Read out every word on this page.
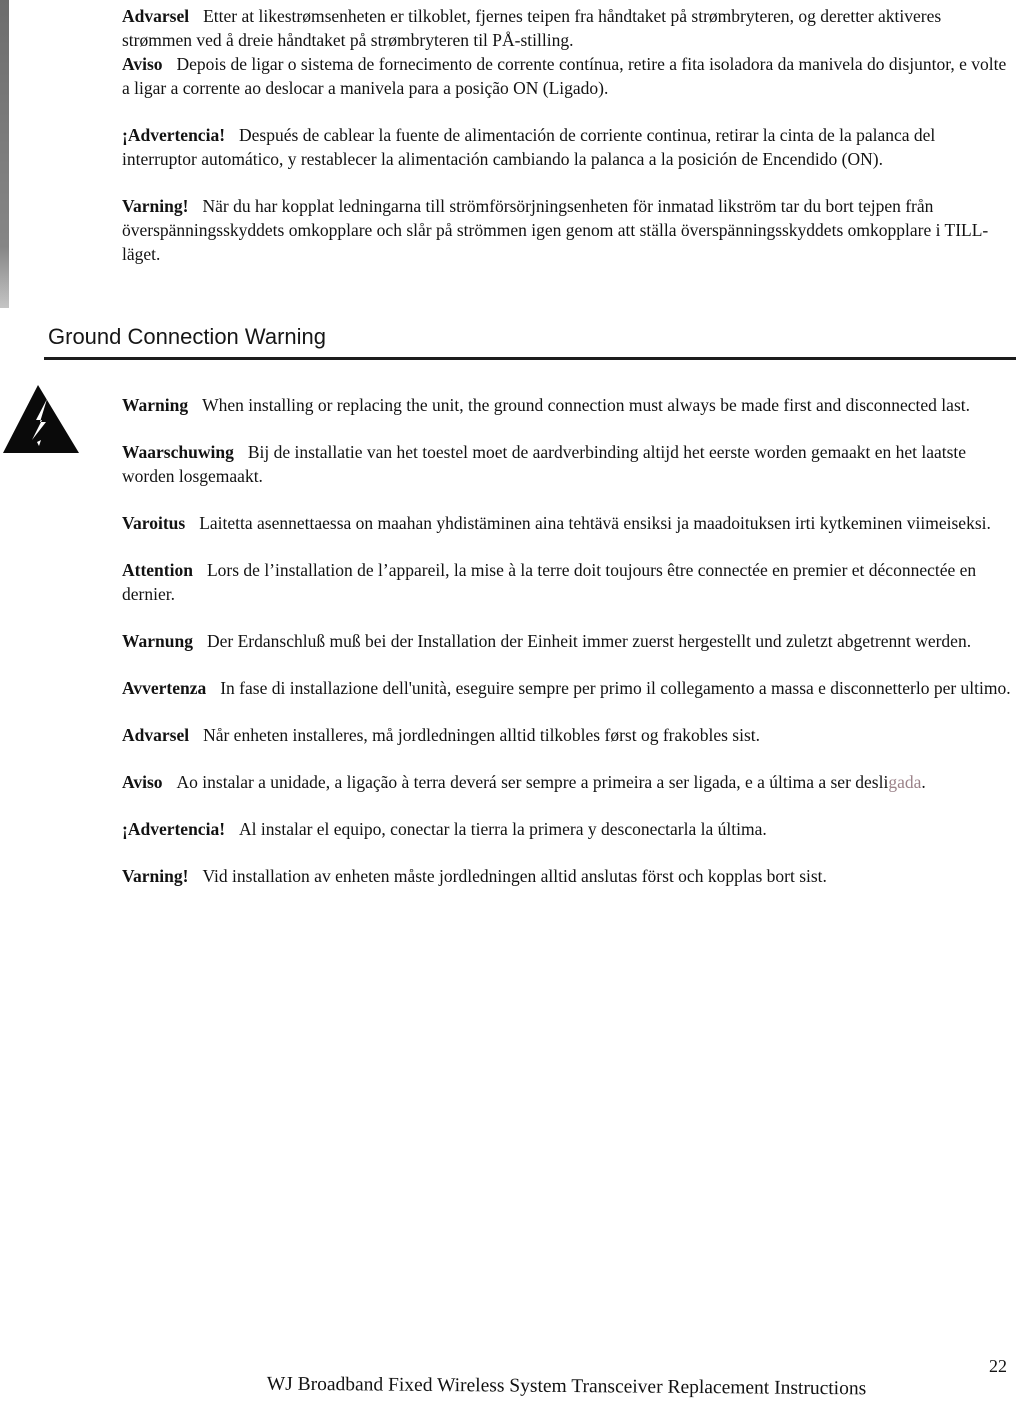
Advarsel Etter at likestrømsenheten er tilkoblet, fjernes teipen fra håndtaket på strømbryteren, og deretter aktiveres strømmen ved å dreie håndtaket på strømbryteren til PÅ-stilling.

Aviso Depois de ligar o sistema de fornecimento de corrente contínua, retire a fita isoladora da manivela do disjuntor, e volte a ligar a corrente ao deslocar a manivela para a posição ON (Ligado).

¡Advertencia! Después de cablear la fuente de alimentación de corriente continua, retirar la cinta de la palanca del interruptor automático, y restablecer la alimentación cambiando la palanca a la posición de Encendido (ON).

Varning! När du har kopplat ledningarna till strömförsörjningsenheten för inmatad likström tar du bort tejpen från överspänningsskyddets omkopplare och slår på strömmen igen genom att ställa överspänningsskyddets omkopplare i TILL-läget.

Ground Connection Warning

Warning When installing or replacing the unit, the ground connection must always be made first and disconnected last.

Waarschuwing Bij de installatie van het toestel moet de aardverbinding altijd het eerste worden gemaakt en het laatste worden losgemaakt.

Varoitus Laitetta asennettaessa on maahan yhdistäminen aina tehtävä ensiksi ja maadoituksen irti kytkeminen viimeiseksi.

Attention Lors de l’installation de l’appareil, la mise à la terre doit toujours être connectée en premier et déconnectée en dernier.

Warnung Der Erdanschluß muß bei der Installation der Einheit immer zuerst hergestellt und zuletzt abgetrennt werden.

Avvertenza In fase di installazione dell'unità, eseguire sempre per primo il collegamento a massa e disconnetterlo per ultimo.

Advarsel Når enheten installeres, må jordledningen alltid tilkobles først og frakobles sist.

Aviso Ao instalar a unidade, a ligação à terra deverá ser sempre a primeira a ser ligada, e a última a ser desligada.

¡Advertencia! Al instalar el equipo, conectar la tierra la primera y desconectarla la última.

Varning! Vid installation av enheten måste jordledningen alltid anslutas först och kopplas bort sist.

22
WJ Broadband Fixed Wireless System Transceiver Replacement Instructions
